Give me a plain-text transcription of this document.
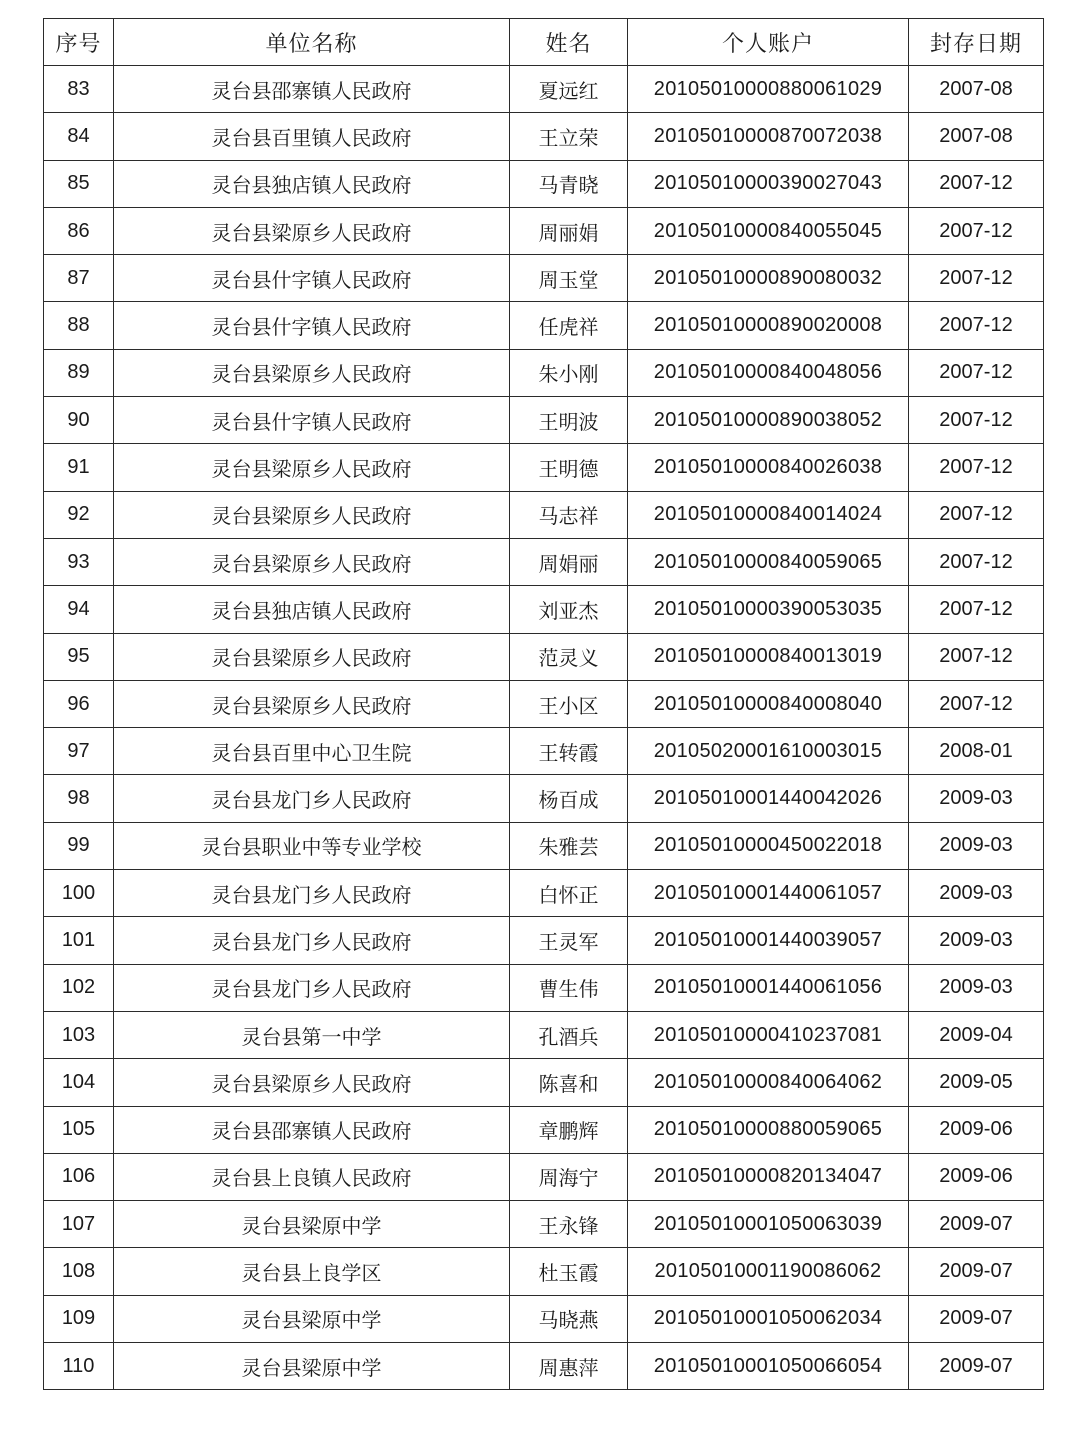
序号	单位名称	姓名	个人账户	封存日期
83	灵台县邵寨镇人民政府	夏远红	20105010000880061029	2007-08
84	灵台县百里镇人民政府	王立荣	20105010000870072038	2007-08
85	灵台县独店镇人民政府	马青晓	20105010000390027043	2007-12
86	灵台县梁原乡人民政府	周丽娟	20105010000840055045	2007-12
87	灵台县什字镇人民政府	周玉堂	20105010000890080032	2007-12
88	灵台县什字镇人民政府	任虎祥	20105010000890020008	2007-12
89	灵台县梁原乡人民政府	朱小刚	20105010000840048056	2007-12
90	灵台县什字镇人民政府	王明波	20105010000890038052	2007-12
91	灵台县梁原乡人民政府	王明德	20105010000840026038	2007-12
92	灵台县梁原乡人民政府	马志祥	20105010000840014024	2007-12
93	灵台县梁原乡人民政府	周娟丽	20105010000840059065	2007-12
94	灵台县独店镇人民政府	刘亚杰	20105010000390053035	2007-12
95	灵台县梁原乡人民政府	范灵义	20105010000840013019	2007-12
96	灵台县梁原乡人民政府	王小区	20105010000840008040	2007-12
97	灵台县百里中心卫生院	王转霞	20105020001610003015	2008-01
98	灵台县龙门乡人民政府	杨百成	20105010001440042026	2009-03
99	灵台县职业中等专业学校	朱雅芸	20105010000450022018	2009-03
100	灵台县龙门乡人民政府	白怀正	20105010001440061057	2009-03
101	灵台县龙门乡人民政府	王灵军	20105010001440039057	2009-03
102	灵台县龙门乡人民政府	曹生伟	20105010001440061056	2009-03
103	灵台县第一中学	孔酒兵	20105010000410237081	2009-04
104	灵台县梁原乡人民政府	陈喜和	20105010000840064062	2009-05
105	灵台县邵寨镇人民政府	章鹏辉	20105010000880059065	2009-06
106	灵台县上良镇人民政府	周海宁	20105010000820134047	2009-06
107	灵台县梁原中学	王永锋	20105010001050063039	2009-07
108	灵台县上良学区	杜玉霞	20105010001190086062	2009-07
109	灵台县梁原中学	马晓燕	20105010001050062034	2009-07
110	灵台县梁原中学	周惠萍	20105010001050066054	2009-07
